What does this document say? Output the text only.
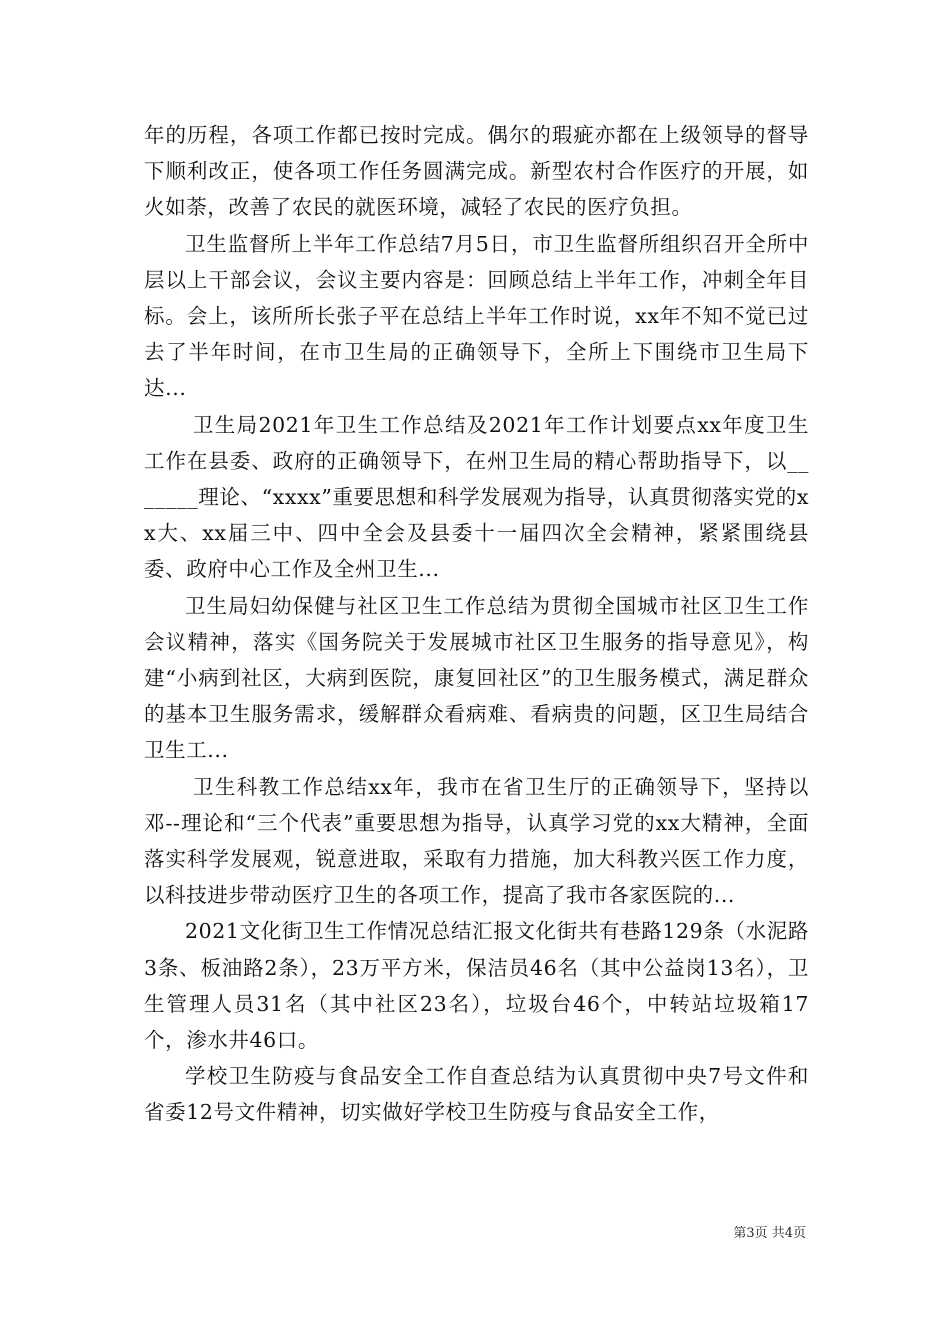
年的历程，各项工作都已按时完成。偶尔的瑕疵亦都在上级领导的督导下顺利改正，使各项工作任务圆满完成。新型农村合作医疗的开展，如火如荼，改善了农民的就医环境，减轻了农民的医疗负担。

卫生监督所上半年工作总结7月5日，市卫生监督所组织召开全所中层以上干部会议，会议主要内容是：回顾总结上半年工作，冲刺全年目标。会上，该所所长张子平在总结上半年工作时说，xx年不知不觉已过去了半年时间，在市卫生局的正确领导下，全所上下围绕市卫生局下达...

卫生局2021年卫生工作总结及2021年工作计划要点xx年度卫生工作在县委、政府的正确领导下，在州卫生局的精心帮助指导下，以_______理论、“xxxx”重要思想和科学发展观为指导，认真贯彻落实党的xx大、xx届三中、四中全会及县委十一届四次全会精神，紧紧围绕县委、政府中心工作及全州卫生...

卫生局妇幼保健与社区卫生工作总结为贯彻全国城市社区卫生工作会议精神，落实《国务院关于发展城市社区卫生服务的指导意见》，构建“小病到社区，大病到医院，康复回社区”的卫生服务模式，满足群众的基本卫生服务需求，缓解群众看病难、看病贵的问题，区卫生局结合卫生工...

卫生科教工作总结xx年，我市在省卫生厅的正确领导下，坚持以邓--理论和“三个代表”重要思想为指导，认真学习党的xx大精神，全面落实科学发展观，锐意进取，采取有力措施，加大科教兴医工作力度，以科技进步带动医疗卫生的各项工作，提高了我市各家医院的...

2021文化街卫生工作情况总结汇报文化街共有巷路129条（水泥路3条、板油路2条），23万平方米，保洁员46名（其中公益岗13名），卫生管理人员31名（其中社区23名），垃圾台46个，中转站垃圾箱17个，渗水井46口。

学校卫生防疫与食品安全工作自查总结为认真贯彻中央7号文件和省委12号文件精神，切实做好学校卫生防疫与食品安全工作，

第3页 共4页
